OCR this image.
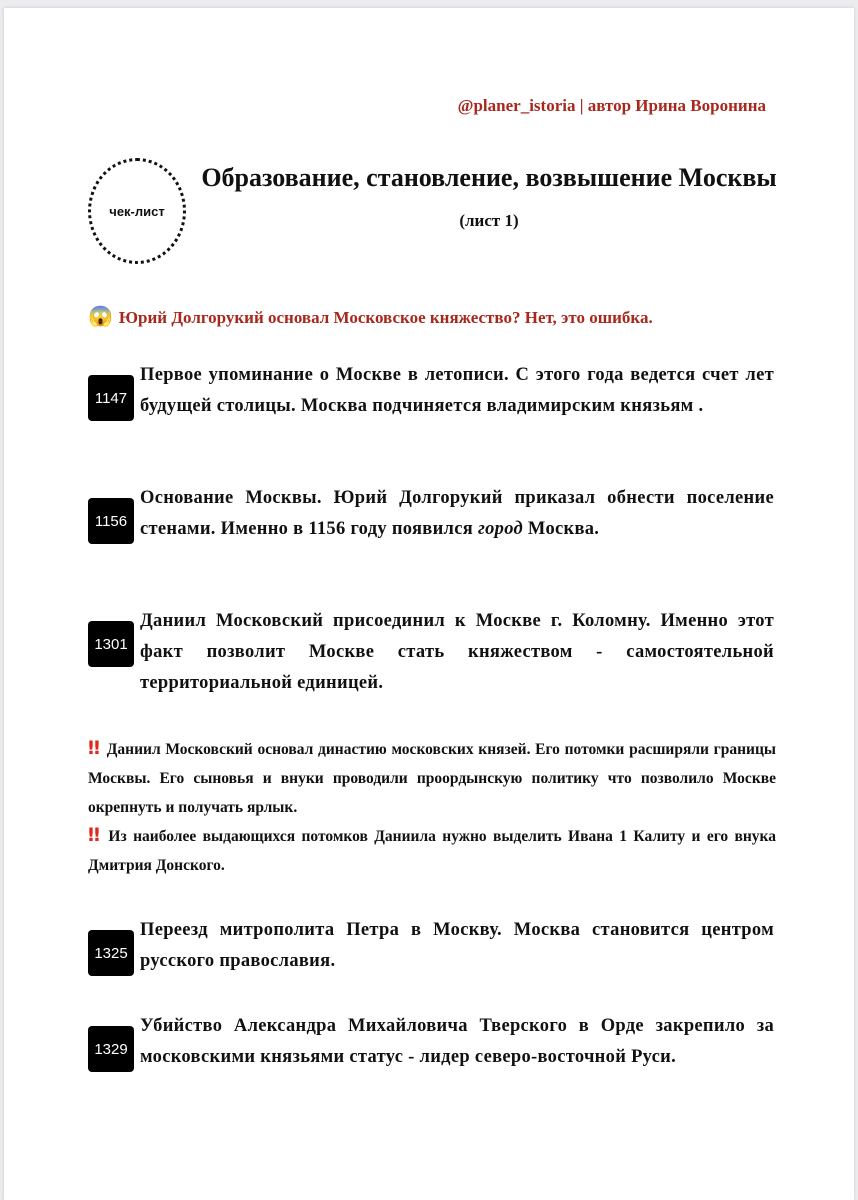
@planer_istoria | автор Ирина Воронина
чек-лист
Образование, становление, возвышение Москвы (лист 1)
😱 Юрий Долгорукий основал Московское княжество? Нет, это ошибка.
1147
Первое упоминание о Москве в летописи. С этого года ведется счет лет будущей столицы. Москва подчиняется владимирским князьям .
1156
Основание Москвы. Юрий Долгорукий приказал обнести поселение стенами. Именно в 1156 году появился город Москва.
1301
Даниил Московский присоединил к Москве г. Коломну. Именно этот факт позволит Москве стать княжеством - самостоятельной территориальной единицей.
‼ Даниил Московский основал династию московских князей. Его потомки расширяли границы Москвы. Его сыновья и внуки проводили проордынскую политику что позволило Москве окрепнуть и получать ярлык.
‼ Из наиболее выдающихся потомков Даниила нужно выделить Ивана 1 Калиту и его внука Дмитрия Донского.
1325
Переезд митрополита Петра в Москву. Москва становится центром русского православия.
1329
Убийство Александра Михайловича Тверского в Орде закрепило за московскими князьями статус - лидер северо-восточной Руси.
